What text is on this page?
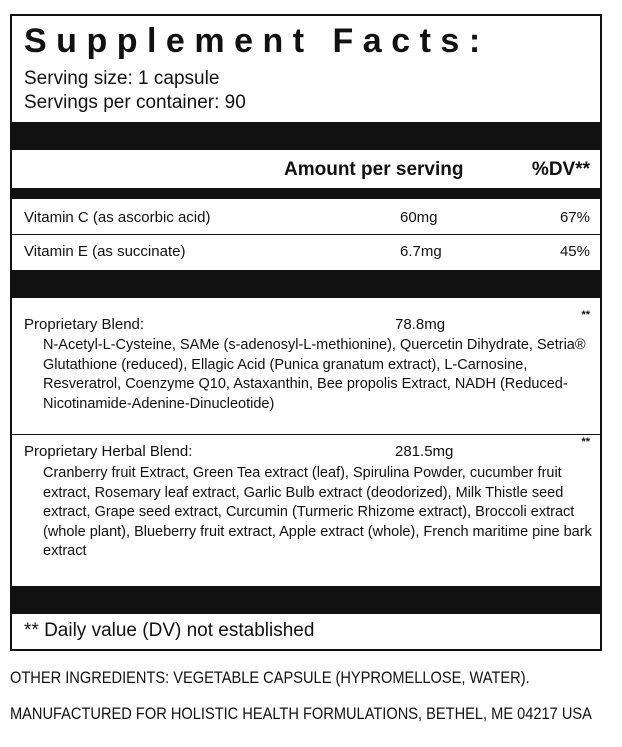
Supplement Facts:
Serving size: 1 capsule
Servings per container: 90
Amount per serving	%DV**
Vitamin C (as ascorbic acid)	60mg	67%
Vitamin E (as succinate)	6.7mg	45%
Proprietary Blend:	78.8mg
**
N-Acetyl-L-Cysteine, SAMe (s-adenosyl-L-methionine), Quercetin Dihydrate, Setria® Glutathione (reduced), Ellagic Acid (Punica granatum extract), L-Carnosine, Resveratrol, Coenzyme Q10, Astaxanthin, Bee propolis Extract, NADH (Reduced-Nicotinamide-Adenine-Dinucleotide)
Proprietary Herbal Blend:	281.5mg
**
Cranberry fruit Extract, Green Tea extract (leaf), Spirulina Powder, cucumber fruit extract, Rosemary leaf extract, Garlic Bulb extract (deodorized), Milk Thistle seed extract, Grape seed extract, Curcumin (Turmeric Rhizome extract), Broccoli extract (whole plant), Blueberry fruit extract, Apple extract (whole), French maritime pine bark extract
** Daily value (DV) not established
OTHER INGREDIENTS: VEGETABLE CAPSULE (HYPROMELLOSE, WATER).
MANUFACTURED FOR HOLISTIC HEALTH FORMULATIONS, BETHEL, ME 04217 USA
